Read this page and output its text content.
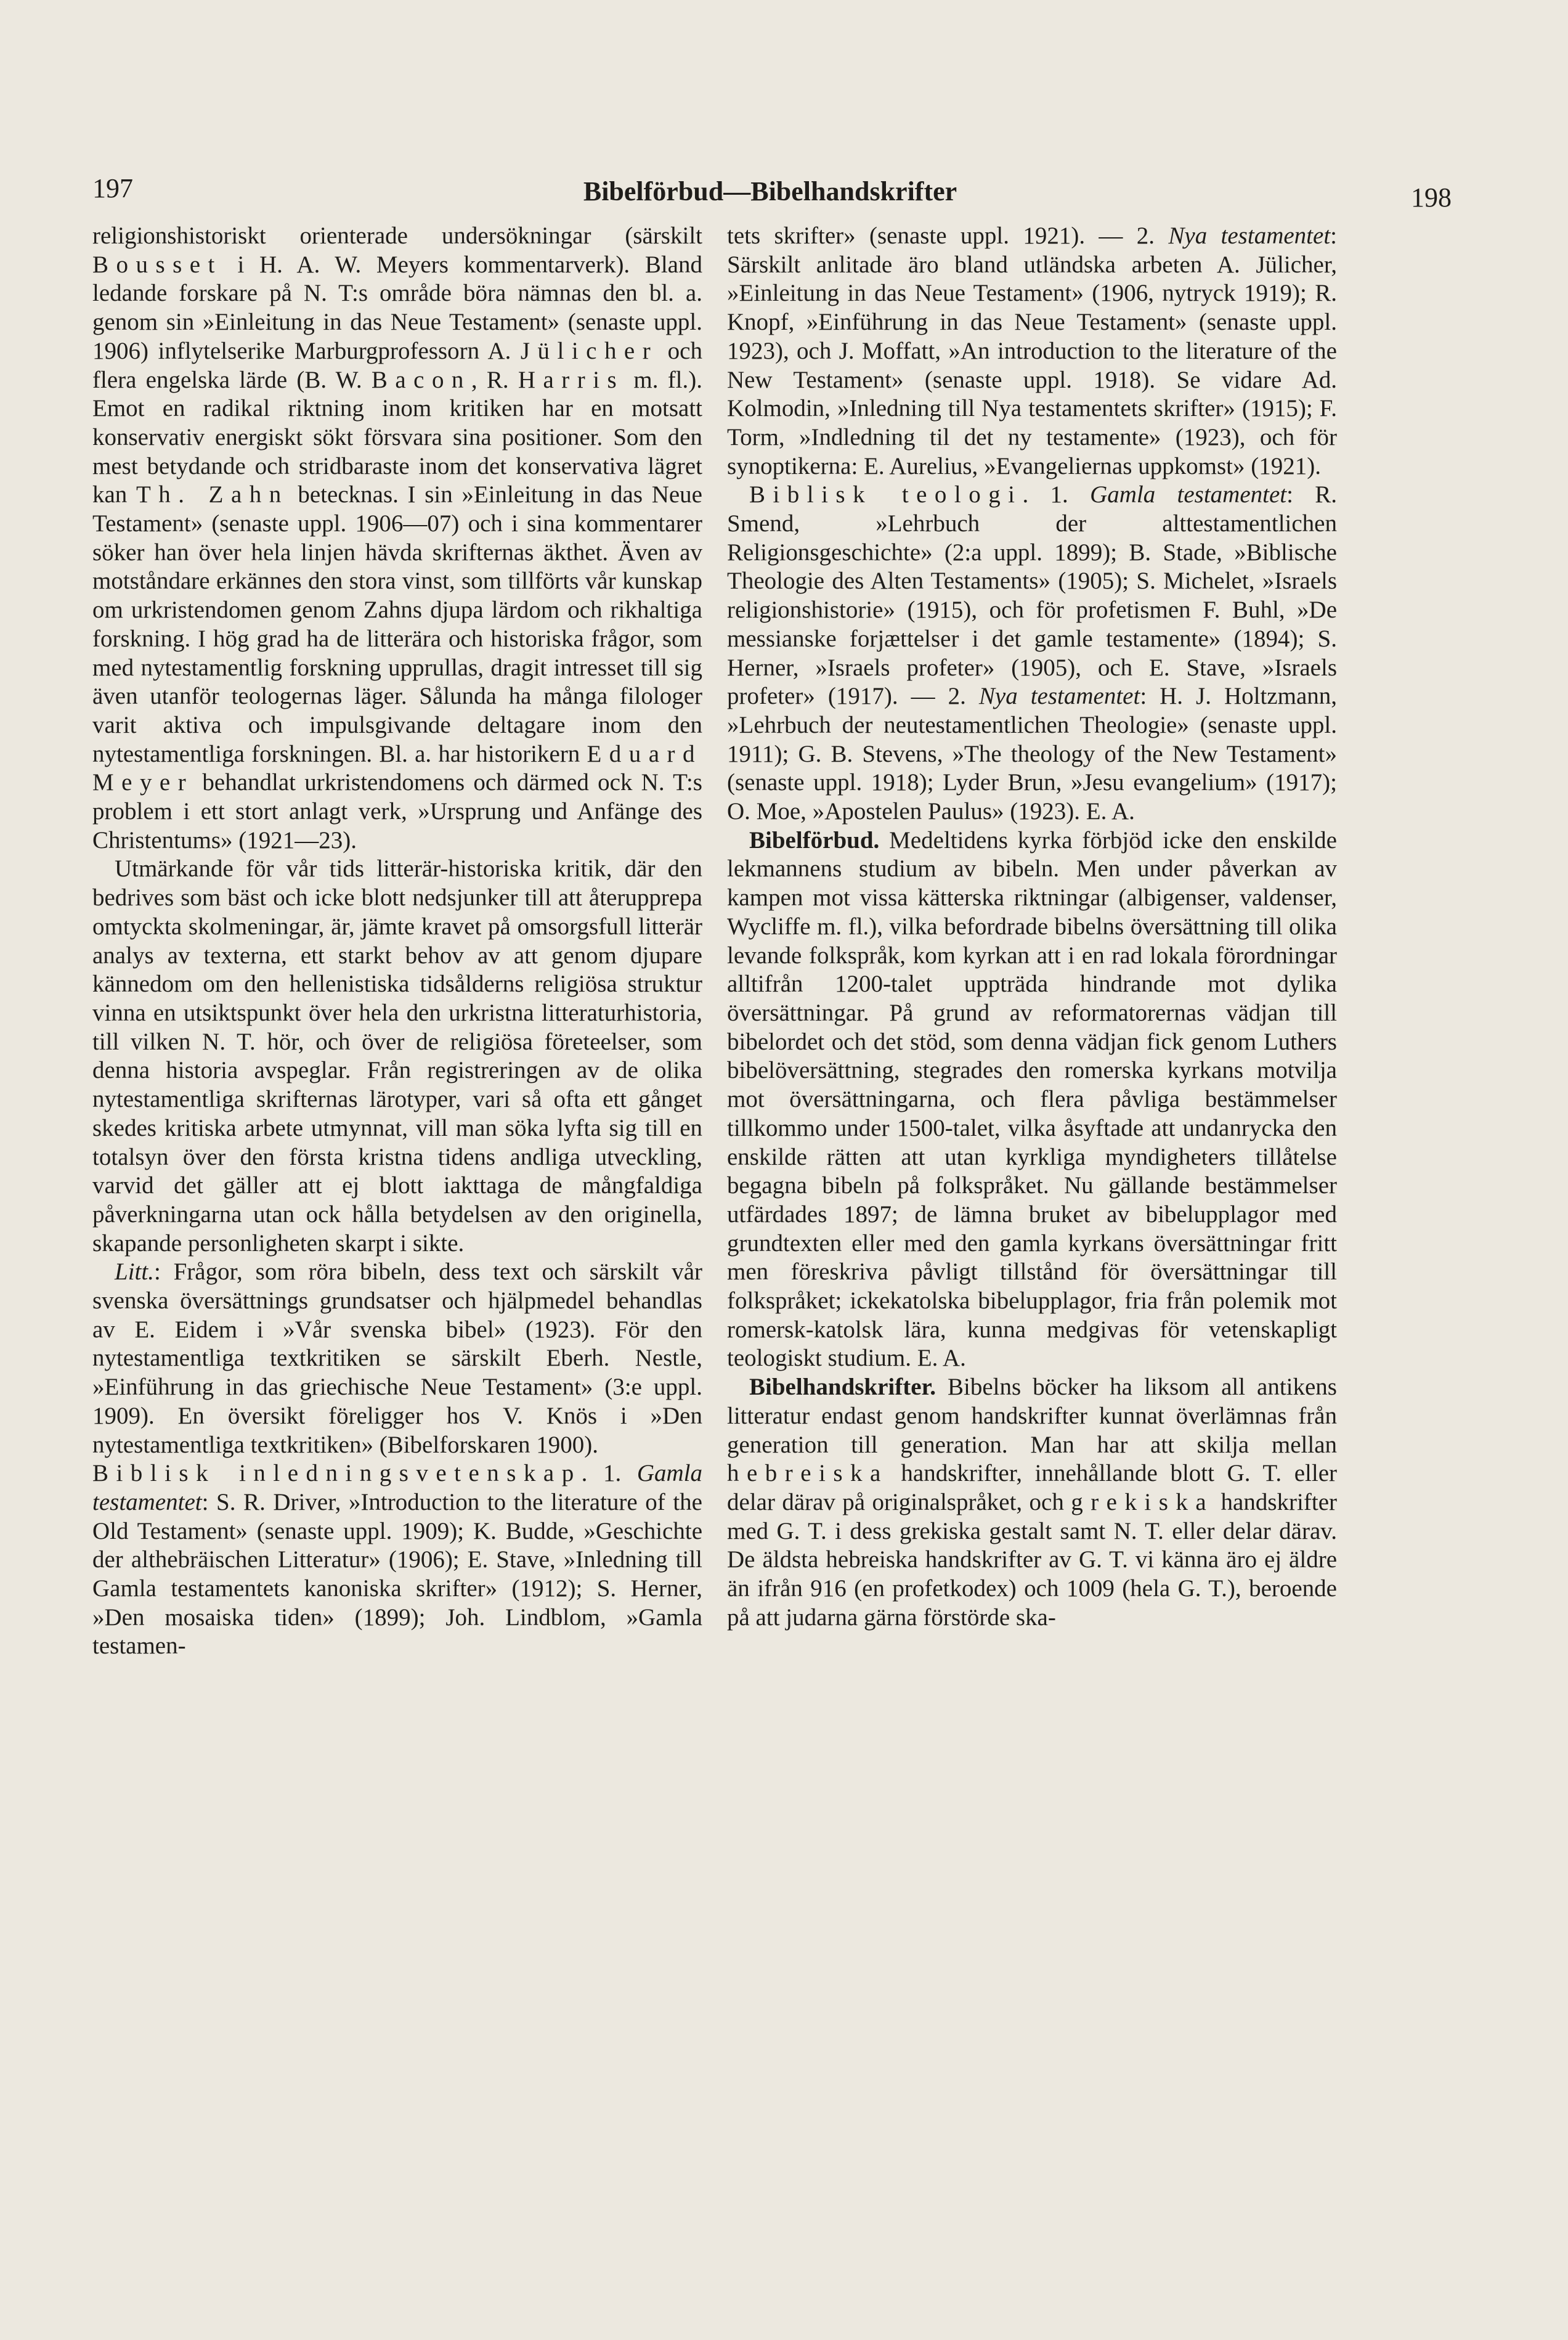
197	Bibelförbud—Bibelhandskrifter	198

religionshistoriskt orienterade undersökningar (särskilt Bousset i H. A. W. Meyers kommentarverk). Bland ledande forskare på N. T:s område böra nämnas den bl. a. genom sin »Einleitung in das Neue Testament» (senaste uppl. 1906) inflytelserike Marburgprofessorn A. Jülicher och flera engelska lärde (B. W. Bacon, R. Harris m. fl.). Emot en radikal riktning inom kritiken har en motsatt konservativ energiskt sökt försvara sina positioner. Som den mest betydande och stridbaraste inom det konservativa lägret kan Th. Zahn betecknas. I sin »Einleitung in das Neue Testament» (senaste uppl. 1906—07) och i sina kommentarer söker han över hela linjen hävda skrifternas äkthet. Även av motståndare erkännes den stora vinst, som tillförts vår kunskap om urkristendomen genom Zahns djupa lärdom och rikhaltiga forskning. I hög grad ha de litterära och historiska frågor, som med nytestamentlig forskning upprullas, dragit intresset till sig även utanför teologernas läger. Sålunda ha många filologer varit aktiva och impulsgivande deltagare inom den nytestamentliga forskningen. Bl. a. har historikern Eduard Meyer behandlat urkristendomens och därmed ock N. T:s problem i ett stort anlagt verk, »Ursprung und Anfänge des Christentums» (1921—23).

Utmärkande för vår tids litterär-historiska kritik, där den bedrives som bäst och icke blott nedsjunker till att återupprepa omtyckta skolmeningar, är, jämte kravet på omsorgsfull litterär analys av texterna, ett starkt behov av att genom djupare kännedom om den hellenistiska tidsålderns religiösa struktur vinna en utsiktspunkt över hela den urkristna litteraturhistoria, till vilken N. T. hör, och över de religiösa företeelser, som denna historia avspeglar. Från registreringen av de olika nytestamentliga skrifternas lärotyper, vari så ofta ett gånget skedes kritiska arbete utmynnat, vill man söka lyfta sig till en totalsyn över den första kristna tidens andliga utveckling, varvid det gäller att ej blott iakttaga de mångfaldiga påverkningarna utan ock hålla betydelsen av den originella, skapande personligheten skarpt i sikte.

Litt.: Frågor, som röra bibeln, dess text och särskilt vår svenska översättnings grundsatser och hjälpmedel behandlas av E. Eidem i »Vår svenska bibel» (1923). För den nytestamentliga textkritiken se särskilt Eberh. Nestle, »Einführung in das griechische Neue Testament» (3:e uppl. 1909). En översikt föreligger hos V. Knös i »Den nytestamentliga textkritiken» (Bibelforskaren 1900).

Biblisk inledningsvetenskap. 1. Gamla testamentet: S. R. Driver, »Introduction to the literature of the Old Testament» (senaste uppl. 1909); K. Budde, »Geschichte der althebräischen Litteratur» (1906); E. Stave, »Inledning till Gamla testamentets kanoniska skrifter» (1912); S. Herner, »Den mosaiska tiden» (1899); Joh. Lindblom, »Gamla testamen-

tets skrifter» (senaste uppl. 1921). — 2. Nya testamentet: Särskilt anlitade äro bland utländska arbeten A. Jülicher, »Einleitung in das Neue Testament» (1906, nytryck 1919); R. Knopf, »Einführung in das Neue Testament» (senaste uppl. 1923), och J. Moffatt, »An introduction to the literature of the New Testament» (senaste uppl. 1918). Se vidare Ad. Kolmodin, »Inledning till Nya testamentets skrifter» (1915); F. Torm, »Indledning til det ny testamente» (1923), och för synoptikerna: E. Aurelius, »Evangeliernas uppkomst» (1921).

Biblisk teologi. 1. Gamla testamentet: R. Smend, »Lehrbuch der alttestamentlichen Religionsgeschichte» (2:a uppl. 1899); B. Stade, »Biblische Theologie des Alten Testaments» (1905); S. Michelet, »Israels religionshistorie» (1915), och för profetismen F. Buhl, »De messianske forjættelser i det gamle testamente» (1894); S. Herner, »Israels profeter» (1905), och E. Stave, »Israels profeter» (1917). — 2. Nya testamentet: H. J. Holtzmann, »Lehrbuch der neutestamentlichen Theologie» (senaste uppl. 1911); G. B. Stevens, »The theology of the New Testament» (senaste uppl. 1918); Lyder Brun, »Jesu evangelium» (1917); O. Moe, »Apostelen Paulus» (1923). E. A.

Bibelförbud. Medeltidens kyrka förbjöd icke den enskilde lekmannens studium av bibeln. Men under påverkan av kampen mot vissa kätterska riktningar (albigenser, valdenser, Wycliffe m. fl.), vilka befordrade bibelns översättning till olika levande folkspråk, kom kyrkan att i en rad lokala förordningar alltifrån 1200-talet uppträda hindrande mot dylika översättningar. På grund av reformatorernas vädjan till bibelordet och det stöd, som denna vädjan fick genom Luthers bibelöversättning, stegrades den romerska kyrkans motvilja mot översättningarna, och flera påvliga bestämmelser tillkommo under 1500-talet, vilka åsyftade att undanrycka den enskilde rätten att utan kyrkliga myndigheters tillåtelse begagna bibeln på folkspråket. Nu gällande bestämmelser utfärdades 1897; de lämna bruket av bibelupplagor med grundtexten eller med den gamla kyrkans översättningar fritt men föreskriva påvligt tillstånd för översättningar till folkspråket; ickekatolska bibelupplagor, fria från polemik mot romersk-katolsk lära, kunna medgivas för vetenskapligt teologiskt studium. E. A.

Bibelhandskrifter. Bibelns böcker ha liksom all antikens litteratur endast genom handskrifter kunnat överlämnas från generation till generation. Man har att skilja mellan hebreiska handskrifter, innehållande blott G. T. eller delar därav på originalspråket, och grekiska handskrifter med G. T. i dess grekiska gestalt samt N. T. eller delar därav. De äldsta hebreiska handskrifter av G. T. vi känna äro ej äldre än ifrån 916 (en profetkodex) och 1009 (hela G. T.), beroende på att judarna gärna förstörde ska-
